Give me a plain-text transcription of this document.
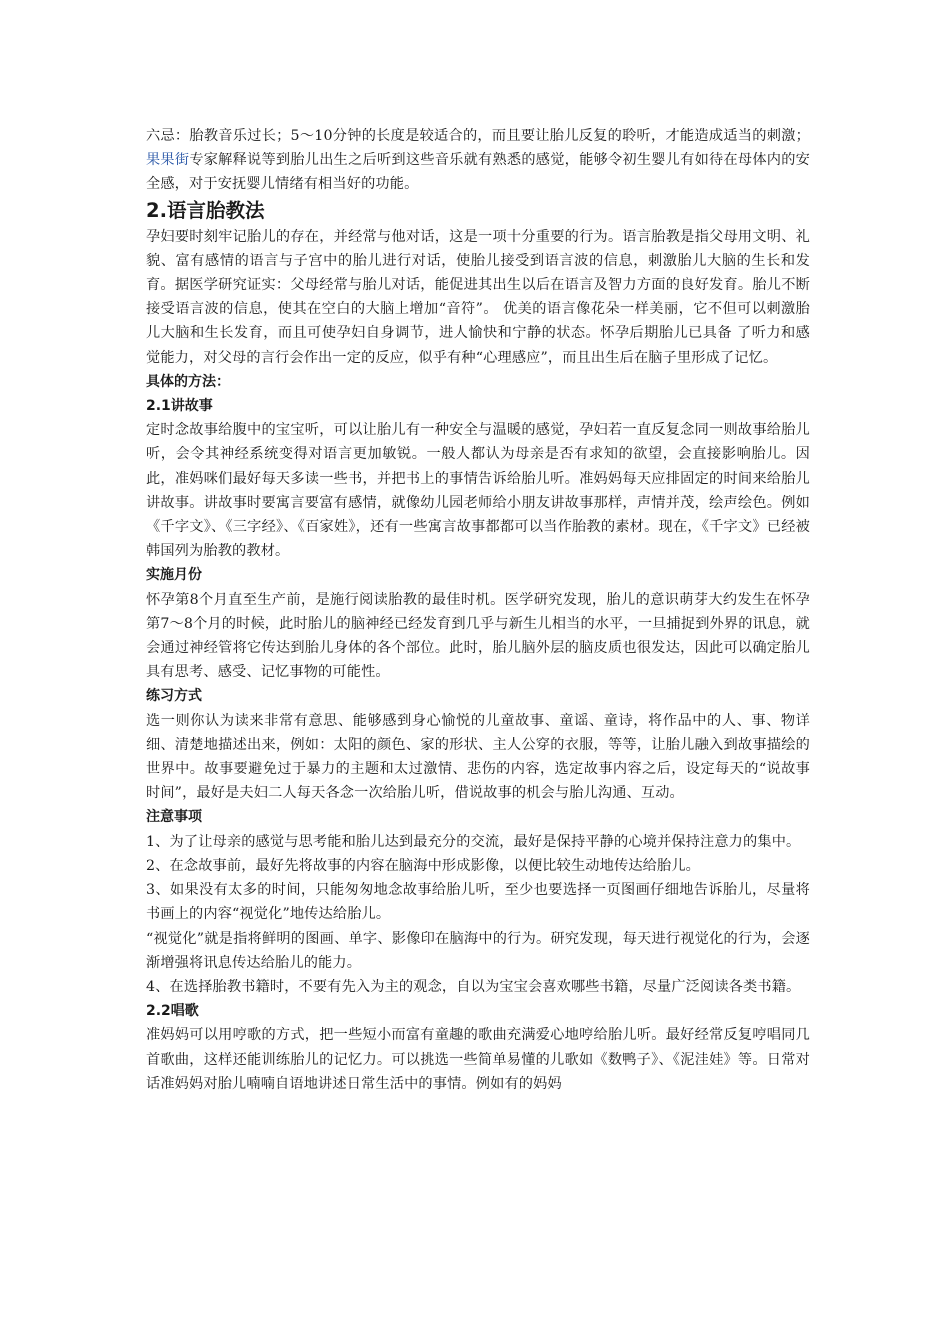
六忌：胎教音乐过长；5～10分钟的长度是较适合的，而且要让胎儿反复的聆听，才能造成适当的刺激；果果街专家解释说等到胎儿出生之后听到这些音乐就有熟悉的感觉，能够令初生婴儿有如待在母体内的安全感，对于安抚婴儿情绪有相当好的功能。

2.语言胎教法

孕妇要时刻牢记胎儿的存在，并经常与他对话，这是一项十分重要的行为。语言胎教是指父母用文明、礼貌、富有感情的语言与子宫中的胎儿进行对话，使胎儿接受到语言波的信息，刺激胎儿大脑的生长和发育。据医学研究证实：父母经常与胎儿对话，能促进其出生以后在语言及智力方面的良好发育。胎儿不断接受语言波的信息，使其在空白的大脑上增加“音符”。 优美的语言像花朵一样美丽，它不但可以刺激胎儿大脑和生长发育，而且可使孕妇自身调节，进人愉快和宁静的状态。怀孕后期胎儿已具备 了听力和感觉能力，对父母的言行会作出一定的反应，似乎有种“心理感应”，而且出生后在脑子里形成了记忆。

具体的方法：
2.1讲故事

定时念故事给腹中的宝宝听，可以让胎儿有一种安全与温暖的感觉，孕妇若一直反复念同一则故事给胎儿听，会令其神经系统变得对语言更加敏锐。一般人都认为母亲是否有求知的欲望，会直接影响胎儿。因此，准妈咪们最好每天多读一些书，并把书上的事情告诉给胎儿听。准妈妈每天应排固定的时间来给胎儿讲故事。讲故事时要寓言要富有感情，就像幼儿园老师给小朋友讲故事那样，声情并茂，绘声绘色。例如《千字文》、《三字经》、《百家姓》，还有一些寓言故事都都可以当作胎教的素材。现在，《千字文》已经被韩国列为胎教的教材。

实施月份

怀孕第8个月直至生产前，是施行阅读胎教的最佳时机。医学研究发现，胎儿的意识萌芽大约发生在怀孕第7～8个月的时候，此时胎儿的脑神经已经发育到几乎与新生儿相当的水平，一旦捕捉到外界的讯息，就会通过神经管将它传达到胎儿身体的各个部位。此时，胎儿脑外层的脑皮质也很发达，因此可以确定胎儿具有思考、感受、记忆事物的可能性。

练习方式

选一则你认为读来非常有意思、能够感到身心愉悦的儿童故事、童谣、童诗，将作品中的人、事、物详细、清楚地描述出来，例如：太阳的颜色、家的形状、主人公穿的衣服，等等，让胎儿融入到故事描绘的世界中。故事要避免过于暴力的主题和太过激情、悲伤的内容，选定故事内容之后，设定每天的“说故事时间”，最好是夫妇二人每天各念一次给胎儿听，借说故事的机会与胎儿沟通、互动。

注意事项

1、为了让母亲的感觉与思考能和胎儿达到最充分的交流，最好是保持平静的心境并保持注意力的集中。

2、在念故事前，最好先将故事的内容在脑海中形成影像，以便比较生动地传达给胎儿。

3、如果没有太多的时间，只能匆匆地念故事给胎儿听，至少也要选择一页图画仔细地告诉胎儿，尽量将书画上的内容“视觉化”地传达给胎儿。

“视觉化”就是指将鲜明的图画、单字、影像印在脑海中的行为。研究发现，每天进行视觉化的行为，会逐渐增强将讯息传达给胎儿的能力。

4、在选择胎教书籍时，不要有先入为主的观念，自以为宝宝会喜欢哪些书籍，尽量广泛阅读各类书籍。

2.2唱歌

准妈妈可以用哼歌的方式，把一些短小而富有童趣的歌曲充满爱心地哼给胎儿听。最好经常反复哼唱同几首歌曲，这样还能训练胎儿的记忆力。可以挑选一些简单易懂的儿歌如《数鸭子》、《泥洼娃》等。日常对话准妈妈对胎儿喃喃自语地讲述日常生活中的事情。例如有的妈妈
